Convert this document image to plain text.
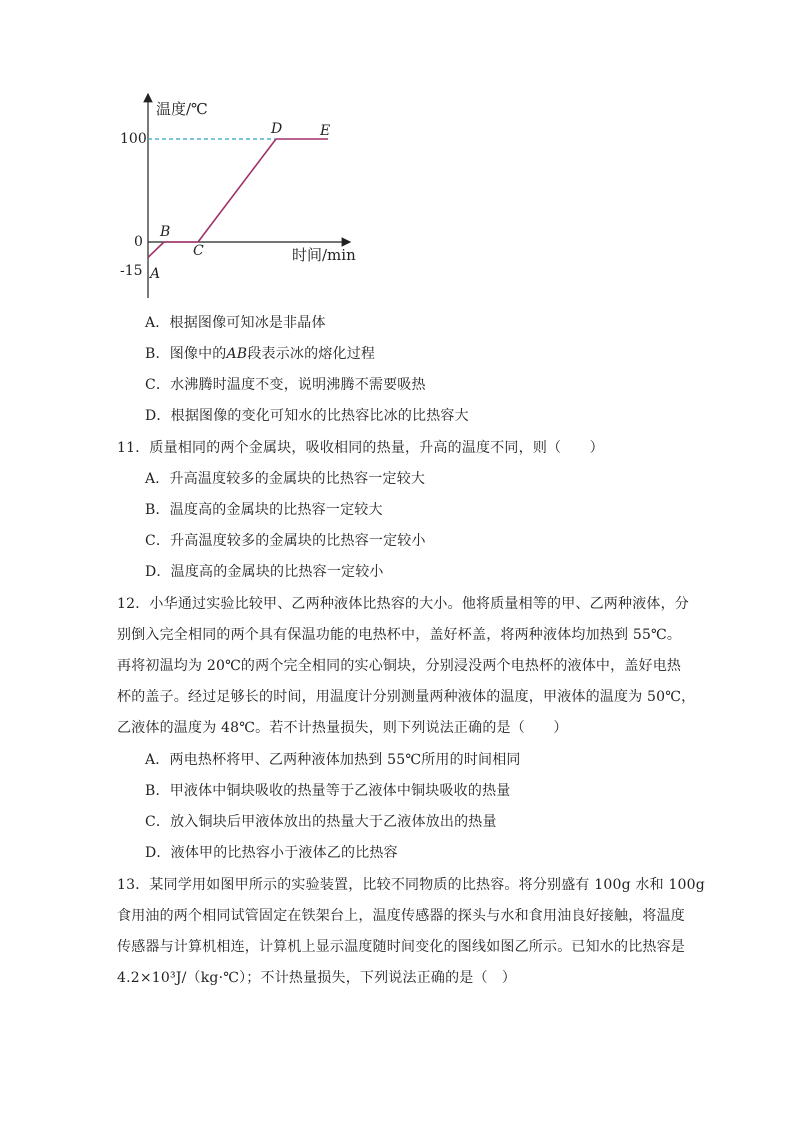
温度/℃
时间/min
100
0
-15 A
B
C
D	E
A．根据图像可知冰是非晶体
B．图像中的AB段表示冰的熔化过程
C．水沸腾时温度不变，说明沸腾不需要吸热
D．根据图像的变化可知水的比热容比冰的比热容大
11．质量相同的两个金属块，吸收相同的热量，升高的温度不同，则（　　）
A．升高温度较多的金属块的比热容一定较大
B．温度高的金属块的比热容一定较大
C．升高温度较多的金属块的比热容一定较小
D．温度高的金属块的比热容一定较小
12．小华通过实验比较甲、乙两种液体比热容的大小。他将质量相等的甲、乙两种液体，分
别倒入完全相同的两个具有保温功能的电热杯中，盖好杯盖，将两种液体均加热到 55℃。
再将初温均为 20℃的两个完全相同的实心铜块，分别浸没两个电热杯的液体中，盖好电热
杯的盖子。经过足够长的时间，用温度计分别测量两种液体的温度，甲液体的温度为 50℃，
乙液体的温度为 48℃。若不计热量损失，则下列说法正确的是（　　）
A．两电热杯将甲、乙两种液体加热到 55℃所用的时间相同
B．甲液体中铜块吸收的热量等于乙液体中铜块吸收的热量
C．放入铜块后甲液体放出的热量大于乙液体放出的热量
D．液体甲的比热容小于液体乙的比热容
13．某同学用如图甲所示的实验装置，比较不同物质的比热容。将分别盛有 100g 水和 100g
食用油的两个相同试管固定在铁架台上，温度传感器的探头与水和食用油良好接触，将温度
传感器与计算机相连，计算机上显示温度随时间变化的图线如图乙所示。已知水的比热容是
4.2×10³J/（kg·℃）；不计热量损失，下列说法正确的是（　）
